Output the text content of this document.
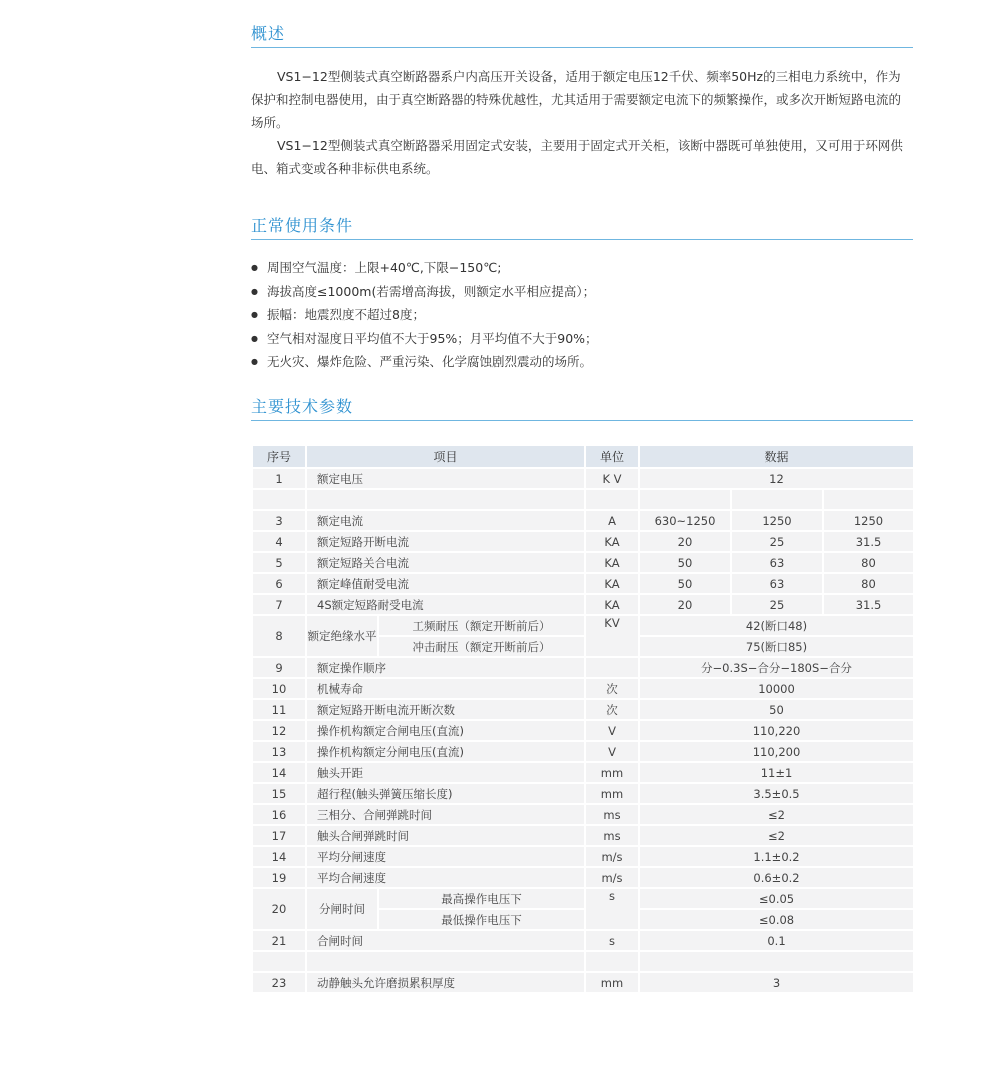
概述

VS1−12型侧装式真空断路器系户内高压开关设备，适用于额定电压12千伏、频率50Hz的三相电力系统中，作为保护和控制电器使用，由于真空断路器的特殊优越性，尤其适用于需要额定电流下的频繁操作，或多次开断短路电流的场所。

VS1−12型侧装式真空断路器采用固定式安装，主要用于固定式开关柜，该断中器既可单独使用，又可用于环网供电、箱式变或各种非标供电系统。

正常使用条件
● 周围空气温度：上限+40℃,下限−150℃;
● 海拔高度≤1000m(若需增高海拔，则额定水平相应提高）；
● 振幅：地震烈度不超过8度；
● 空气相对湿度日平均值不大于95%；月平均值不大于90%；
● 无火灾、爆炸危险、严重污染、化学腐蚀剧烈震动的场所。
主要技术参数
序号	项目		单位	数据		
1	额定电压		K V	12		

3	额定电流		A	630~1250	1250	1250
4	额定短路开断电流		KA	20	25	31.5
5	额定短路关合电流		KA	50	63	80
6	额定峰值耐受电流		KA	50	63	80
7	4S额定短路耐受电流		KA	20	25	31.5
8	额定绝缘水平	工频耐压（额定开断前后）	KV	42(断口48)		
		冲击耐压（额定开断前后）		75(断口85)		
9	额定操作顺序			分−0.3S−合分−180S−合分		
10	机械寿命		次	10000		
11	额定短路开断电流开断次数		次	50		
12	操作机构额定合闸电压(直流)		V	110,220		
13	操作机构额定分闸电压(直流)		V	110,200		
14	触头开距		mm	11±1		
15	超行程(触头弹簧压缩长度)		mm	3.5±0.5		
16	三相分、合闸弹跳时间		ms	≤2		
17	触头合闸弹跳时间		ms	≤2		
14	平均分闸速度		m/s	1.1±0.2		
19	平均合闸速度		m/s	0.6±0.2		
20	分闸时间	最高操作电压下	s	≤0.05		
		最低操作电压下		≤0.08		
21	合闸时间		s	0.1		

23	动静触头允许磨损累积厚度		mm	3		
